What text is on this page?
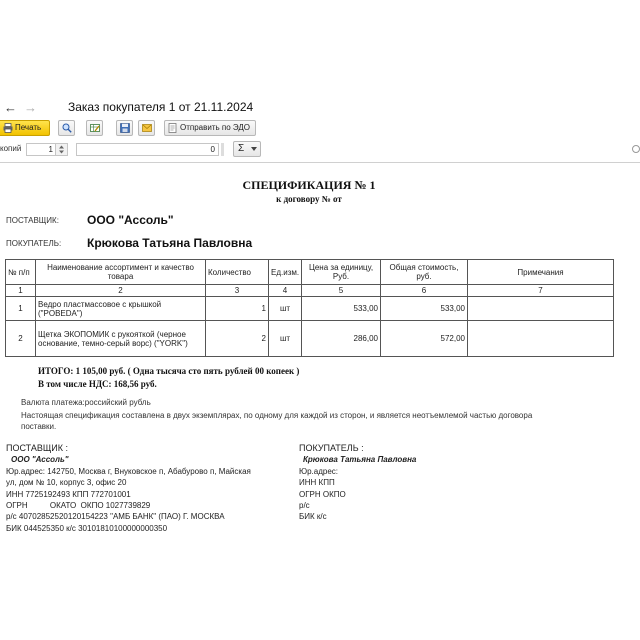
← →	Заказ покупателя 1 от 21.11.2024
Печать	Отправить по ЭДО
копий	1	0	Σ
СПЕЦИФИКАЦИЯ № 1
к договору № от
ПОСТАВЩИК: ООО "Ассоль"
ПОКУПАТЕЛЬ: Крюкова Татьяна Павловна
№ п/п	Наименование ассортимент и качество товара	Количество	Ед.изм.	Цена за единицу, Руб.	Общая стоимость, руб.	Примечания
1	2	3	4	5	6	7
1	Ведро пластмассовое с крышкой ("POBEDA")	1	шт	533,00	533,00	
2	Щетка ЭКОПОМИК с рукояткой (черное основание, темно-серый ворс) ("YORK")	2	шт	286,00	572,00	
ИТОГО: 1 105,00 руб. ( Одна тысяча сто пять рублей 00 копеек )
В том числе НДС: 168,56 руб.
Валюта платежа:российский рубль
Настоящая спецификация составлена в двух экземплярах, по одному для каждой из сторон, и является неотъемлемой частью договора
поставки.
ПОСТАВЩИК :
ООО "Ассоль"
Юр.адрес: 142750, Москва г, Внуковское п, Абабурово п, Майская
ул, дом № 10, корпус 3, офис 20
ИНН 7725192493 КПП 772701001
ОГРН          ОКАТО  ОКПО 1027739829
р/с 40702852520120154223 "АМБ БАНК" (ПАО) Г. МОСКВА
БИК 044525350 к/с 30101810100000000350
ПОКУПАТЕЛЬ :
Крюкова Татьяна Павловна
Юр.адрес:
ИНН КПП
ОГРН ОКПО
р/с
БИК к/с
